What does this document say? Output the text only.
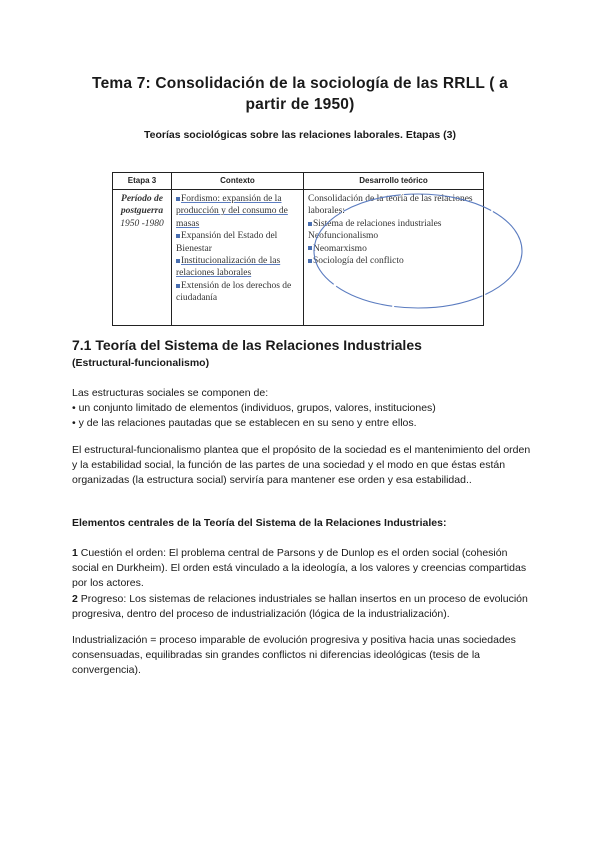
Tema 7: Consolidación de la sociología de las RRLL ( a partir de 1950)
Teorías sociológicas sobre las relaciones laborales. Etapas (3)
Etapa 3	Contexto	Desarrollo teórico

Período de postguerra
1950 -1980	Fordismo: expansión de la producción y del consumo de masas
Expansión del Estado del Bienestar
Institucionalización de las relaciones laborales
Extensión de los derechos de ciudadanía	Consolidación de la teoría de las relaciones laborales:
Sistema de relaciones industriales
Neofuncionalismo
Neomarxismo
Sociología del conflicto
7.1 Teoría del Sistema de las Relaciones Industriales
(Estructural-funcionalismo)
Las estructuras sociales se componen de:
• un conjunto limitado de elementos (individuos, grupos, valores, instituciones)
• y de las relaciones pautadas que se establecen en su seno y entre ellos.
El estructural-funcionalismo plantea que el propósito de la sociedad es el mantenimiento del orden y la estabilidad social, la función de las partes de una sociedad y el modo en que éstas están organizadas (la estructura social) serviría para mantener ese orden y esa estabilidad..
Elementos centrales de la Teoría del Sistema de la Relaciones Industriales:
1 Cuestión el orden: El problema central de Parsons y de Dunlop es el orden social (cohesión social en Durkheim). El orden está vinculado a la ideología, a los valores y creencias compartidas por los actores.
2 Progreso: Los sistemas de relaciones industriales se hallan insertos en un proceso de evolución progresiva, dentro del proceso de industrialización (lógica de la industrialización).
Industrialización = proceso imparable de evolución progresiva y positiva hacia unas sociedades consensuadas, equilibradas sin grandes conflictos ni diferencias ideológicas (tesis de la convergencia).
